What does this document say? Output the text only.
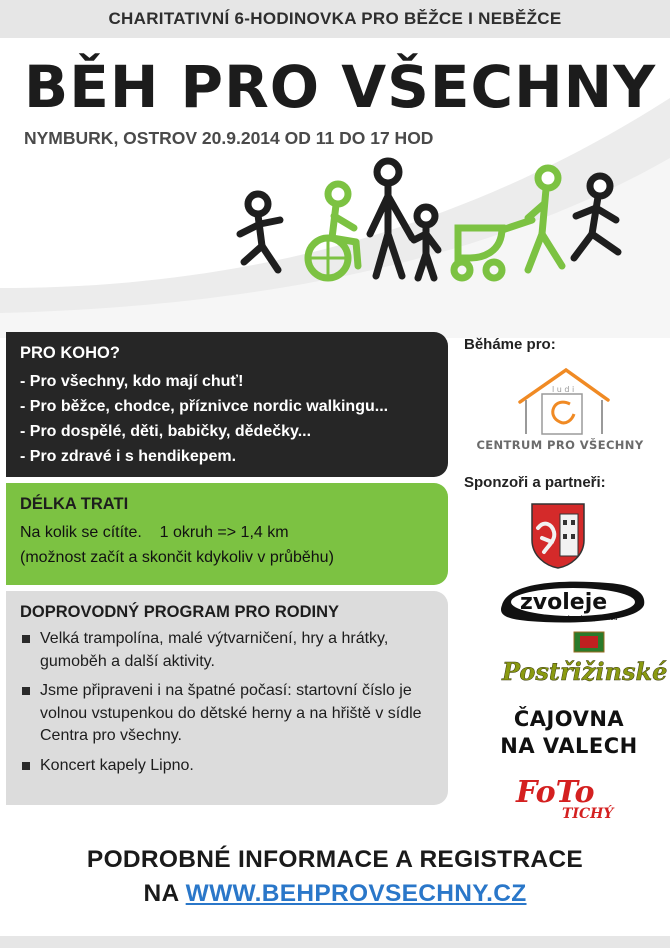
CHARITATIVNÍ 6-HODINOVKA PRO BĚŽCE I NEBĚŽCE
BĚH PRO VŠECHNY
NYMBURK, OSTROV 20.9.2014 OD 11 DO 17 HOD
PRO KOHO?
- Pro všechny, kdo mají chuť!
- Pro běžce, chodce, příznivce nordic walkingu...
- Pro dospělé, děti, babičky, dědečky...
- Pro zdravé i s hendikepem.
DÉLKA TRATI
Na kolik se cítíte.    1 okruh => 1,4 km
(možnost začít a skončit kdykoliv v průběhu)
DOPROVODNÝ PROGRAM PRO RODINY
Velká trampolína, malé výtvarničení, hry a hrátky, gumoběh a další aktivity.
Jsme připraveni i na špatné počasí: startovní číslo je volnou vstupenkou do dětské herny a na hřiště v sídle Centra pro všechny.
Koncert kapely Lipno.
Běháme pro:
l u d i
CENTRUM PRO VŠECHNY
Sponzoři a partneři:
zvoleje
bez kompromisů
Postřižinské
ČAJOVNA
NA VALECH
FoTo
TICHÝ
PODROBNÉ INFORMACE A REGISTRACE
NA WWW.BEHPROVSECHNY.CZ
